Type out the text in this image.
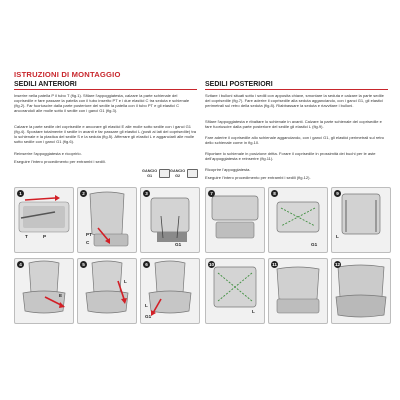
ISTRUZIONI DI MONTAGGIO
SEDILI ANTERIORI	SEDILI POSTERIORI
Inserire nella patella P il tubo T (fig.1). Sfilare l'appoggiatesta, calzare la parte schienale del coprisedile e fare passare la patella con il tubo inserito PT e i due elastici C tra seduta e schienale (fig.2). Far fuoriuscire dalla parte posteriore del sedile la patella con il tubo PT e gli elastici C ancorandoli alle molle sotto il sedile con i ganci G1 (fig.3).
Calzare la parte sedile del coprisedile e ancorare gli elastici E alle molle sotto sedile con i ganci G1 (fig.4). Spostare totalmente il sedile in avanti e far passare gli elastici L (posti ai lati del coprisedile) tra lo schienale e la plastica del sedile S e la seduta (fig.5). Afferrare gli elastici L e agganciarli alle molle sotto sedile con i ganci G1 (fig.6).
Reinserire l'appoggiatesta e ricoprirlo.
Eseguire l'intero procedimento per entrambi i sedili.
GANCIO
G1
GANCIO
G2
Svitare i bulloni situati sotto i sedili con apposita chiave, smontare la seduta e calzare la parte sedile del coprisedile (fig.7). Fare aderire il coprisedile alla seduta agganciando, con i ganci G1, gli elastici perimetrali sul retro della seduta (fig.8). Riabbassare la seduta e riavvitare i bulloni.
Sfilare l'appoggiatesta e ribaltare lo schienale in avanti. Calzare la parte schienale del coprisedile e fare fuoriuscire dalla parte posteriore del sedile gli elastici L (fig.9).
Fare aderire il coprisedile allo schienale agganciando, con i ganci G1, gli elastici perimetrali sul retro dello schienale come in fig.10.
Riportare lo schienale in posizione dritta. Forare il coprisedile in prossimità dei buchi per le aste dell'appoggiatesta e reinserire (fig.11).
Ricoprire l'appoggiatesta.
Eseguire l'intero procedimento per entrambi i sedili (fig.12).
1
T	P
2
PT
C
3
G1
4
E
5
L
6
L
G1
7	8
G1
9
L
10
L
11	12
